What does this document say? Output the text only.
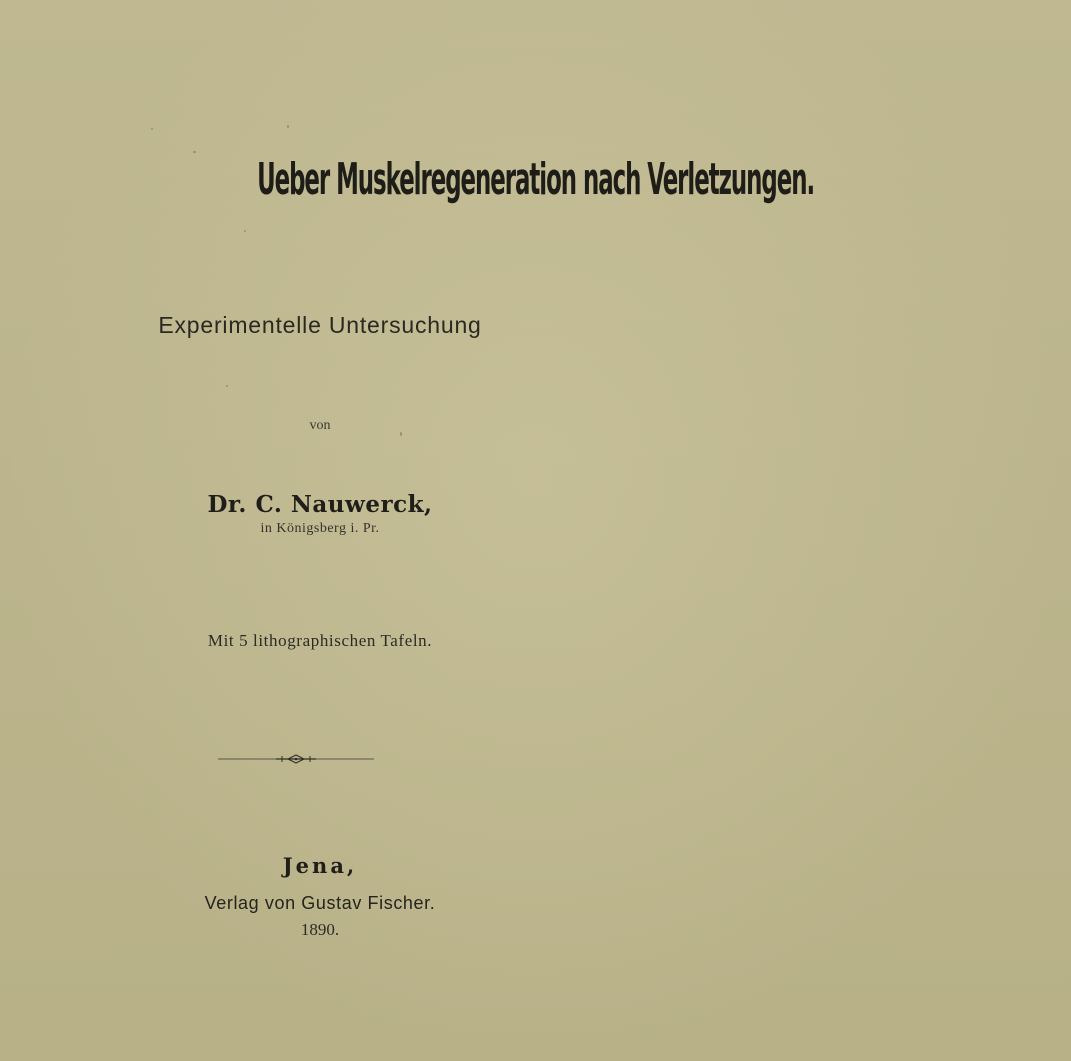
Ueber Muskelregeneration nach Verletzungen.
Experimentelle Untersuchung
von
Dr. C. Nauwerck,
in Königsberg i. Pr.
Mit 5 lithographischen Tafeln.
Jena,
Verlag von Gustav Fischer.
1890.
